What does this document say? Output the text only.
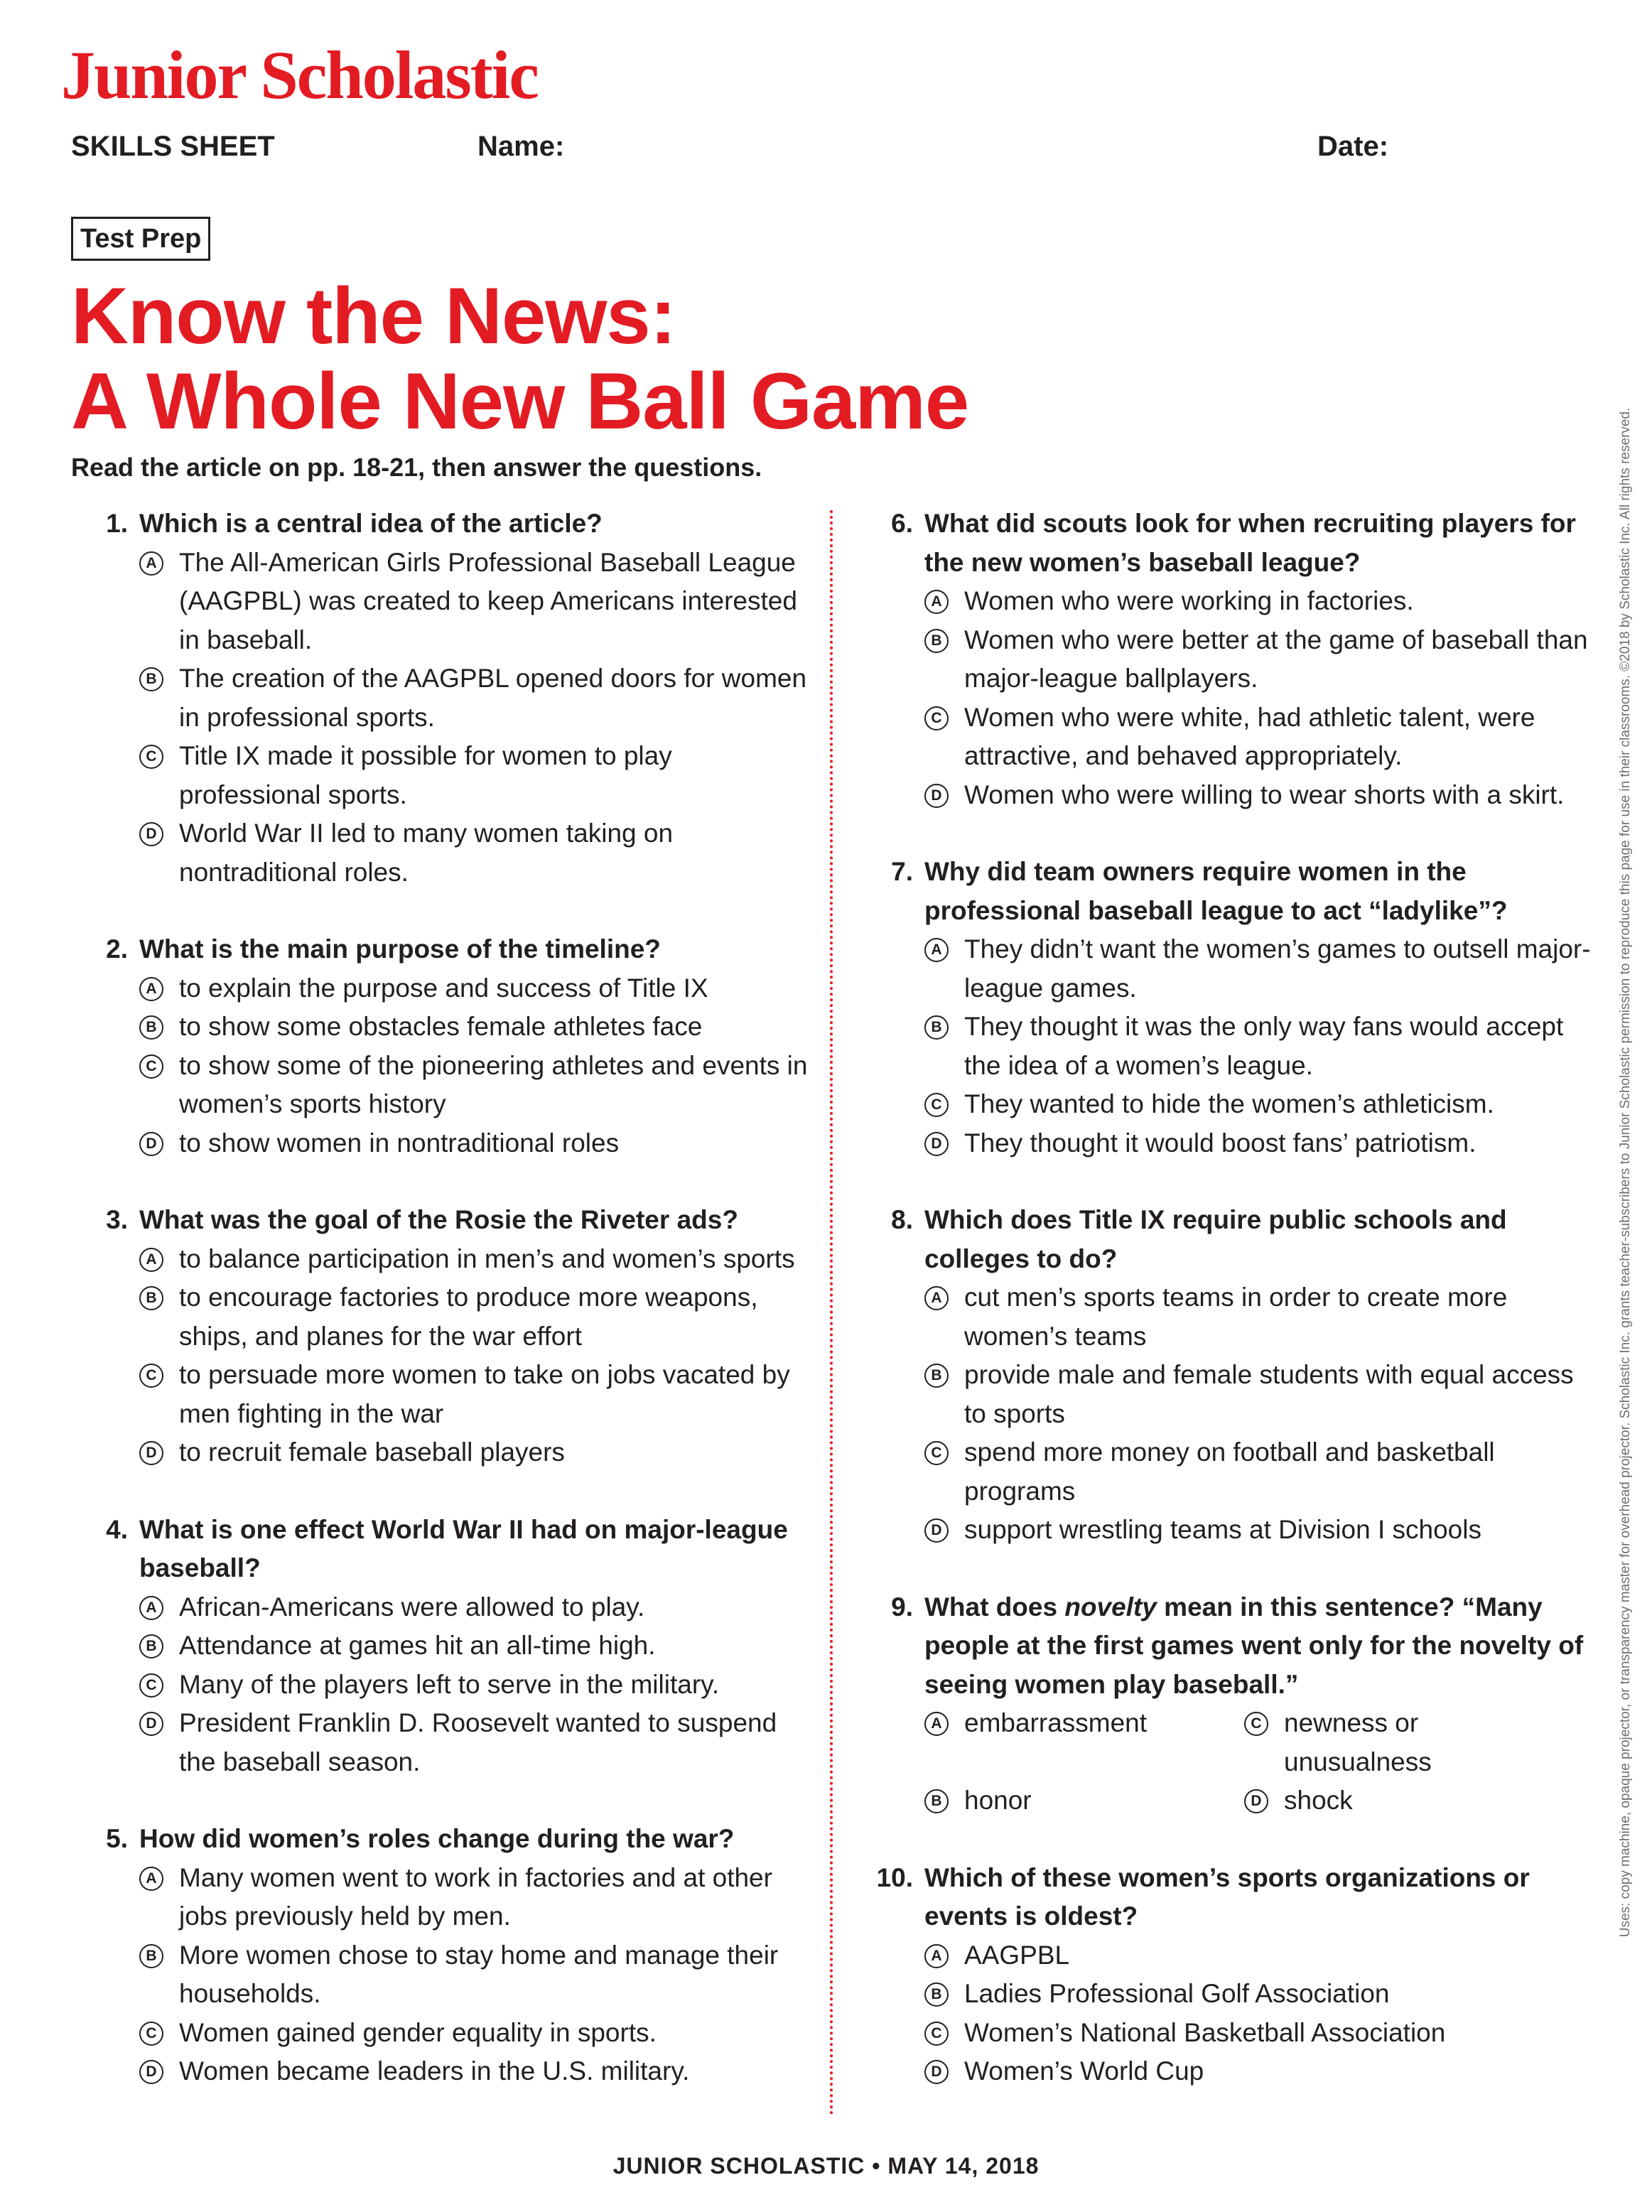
Junior Scholastic
SKILLS SHEET	Name:	Date:
Test Prep
Know the News:
A Whole New Ball Game
Read the article on pp. 18-21, then answer the questions.
1. Which is a central idea of the article?
A The All-American Girls Professional Baseball League (AAGPBL) was created to keep Americans interested in baseball.
B The creation of the AAGPBL opened doors for women in professional sports.
C Title IX made it possible for women to play professional sports.
D World War II led to many women taking on nontraditional roles.
2. What is the main purpose of the timeline?
A to explain the purpose and success of Title IX
B to show some obstacles female athletes face
C to show some of the pioneering athletes and events in women’s sports history
D to show women in nontraditional roles
3. What was the goal of the Rosie the Riveter ads?
A to balance participation in men’s and women’s sports
B to encourage factories to produce more weapons, ships, and planes for the war effort
C to persuade more women to take on jobs vacated by men fighting in the war
D to recruit female baseball players
4. What is one effect World War II had on major-league baseball?
A African-Americans were allowed to play.
B Attendance at games hit an all-time high.
C Many of the players left to serve in the military.
D President Franklin D. Roosevelt wanted to suspend the baseball season.
5. How did women’s roles change during the war?
A Many women went to work in factories and at other jobs previously held by men.
B More women chose to stay home and manage their households.
C Women gained gender equality in sports.
D Women became leaders in the U.S. military.
6. What did scouts look for when recruiting players for the new women’s baseball league?
A Women who were working in factories.
B Women who were better at the game of baseball than major-league ballplayers.
C Women who were white, had athletic talent, were attractive, and behaved appropriately.
D Women who were willing to wear shorts with a skirt.
7. Why did team owners require women in the professional baseball league to act “ladylike”?
A They didn’t want the women’s games to outsell major-league games.
B They thought it was the only way fans would accept the idea of a women’s league.
C They wanted to hide the women’s athleticism.
D They thought it would boost fans’ patriotism.
8. Which does Title IX require public schools and colleges to do?
A cut men’s sports teams in order to create more women’s teams
B provide male and female students with equal access to sports
C spend more money on football and basketball programs
D support wrestling teams at Division I schools
9. What does novelty mean in this sentence? “Many people at the first games went only for the novelty of seeing women play baseball.”
A embarrassment	C newness or unusualness
B honor	D shock
10. Which of these women’s sports organizations or events is oldest?
A AAGPBL
B Ladies Professional Golf Association
C Women’s National Basketball Association
D Women’s World Cup
JUNIOR SCHOLASTIC • MAY 14, 2018
Uses: copy machine, opaque projector, or transparency master for overhead projector. Scholastic Inc. grants teacher-subscribers to Junior Scholastic permission to reproduce this page for use in their classrooms. ©2018 by Scholastic Inc. All rights reserved.
